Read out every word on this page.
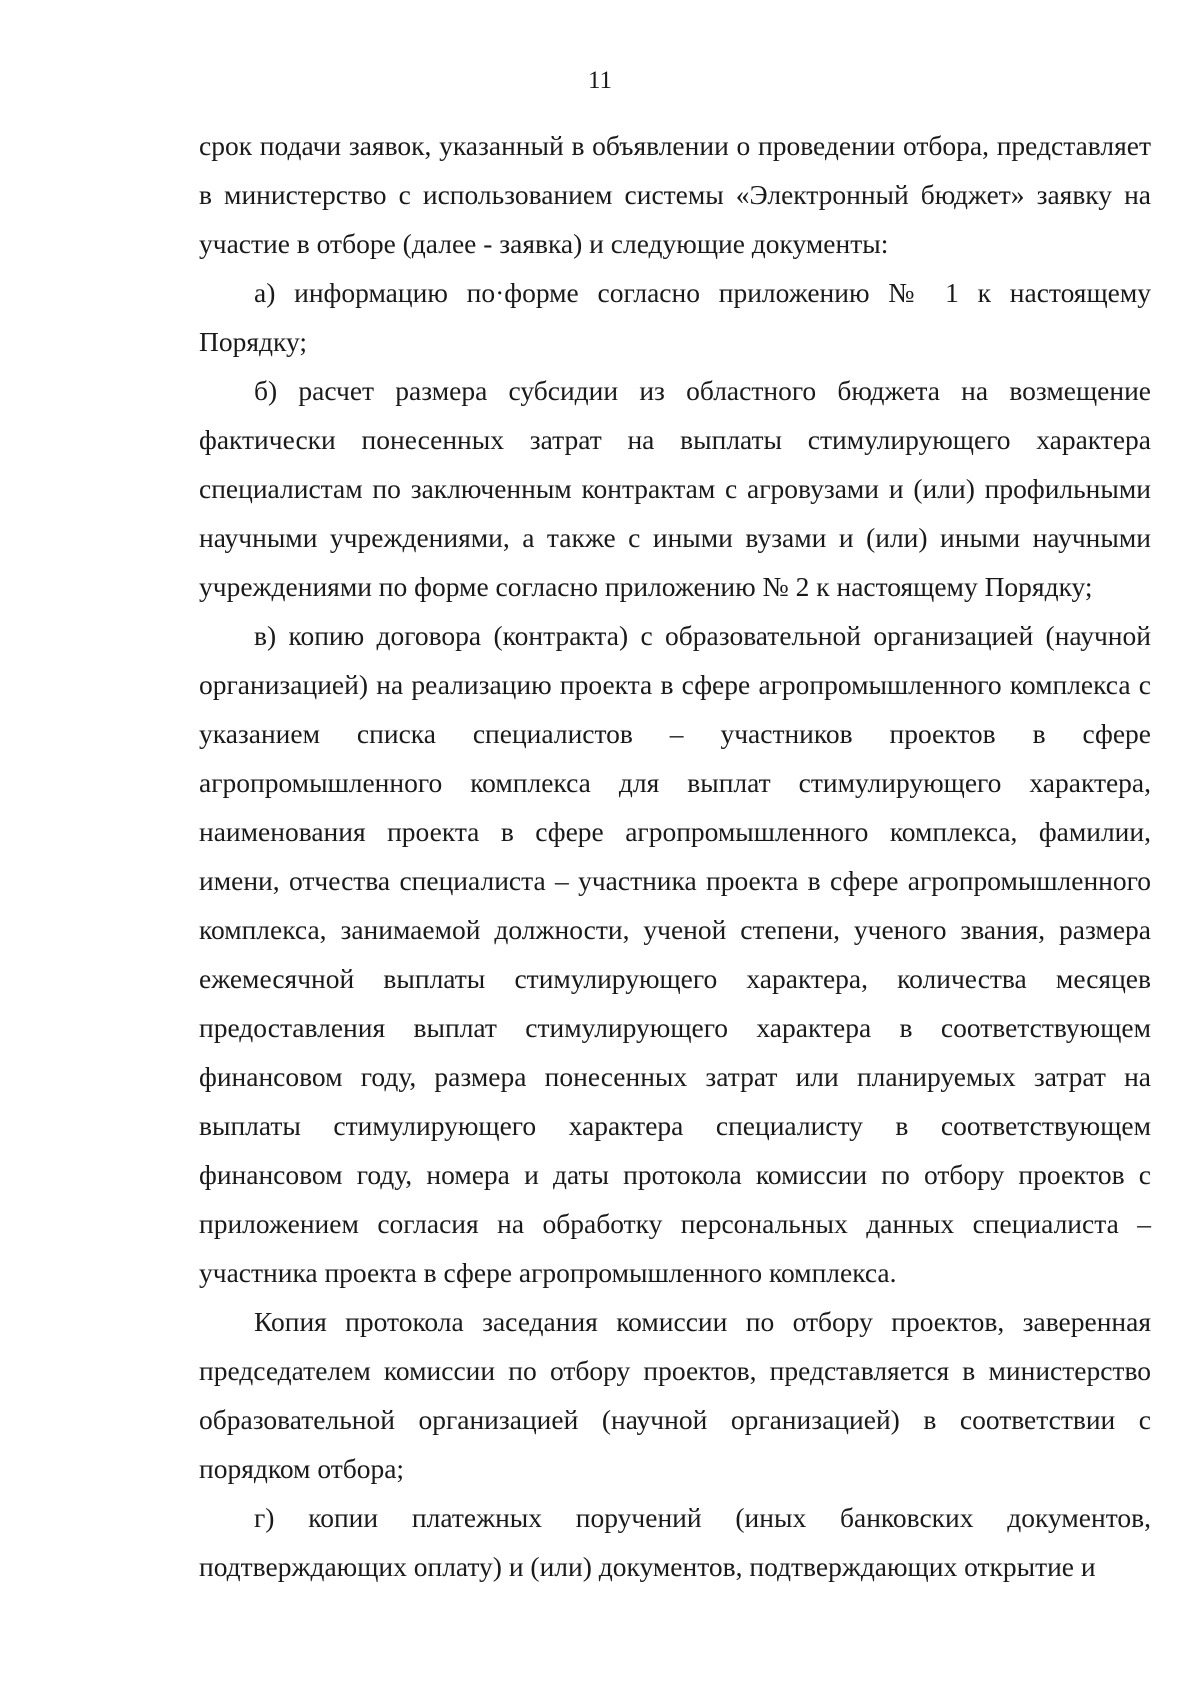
11

срок подачи заявок, указанный в объявлении о проведении отбора, представляет в министерство с использованием системы «Электронный бюджет» заявку на участие в отборе (далее - заявка) и следующие документы:

а) информацию по·форме согласно приложению № 1 к настоящему Порядку;

б) расчет размера субсидии из областного бюджета на возмещение фактически понесенных затрат на выплаты стимулирующего характера специалистам по заключенным контрактам с агровузами и (или) профильными научными учреждениями, а также с иными вузами и (или) иными научными учреждениями по форме согласно приложению № 2 к настоящему Порядку;

в) копию договора (контракта) с образовательной организацией (научной организацией) на реализацию проекта в сфере агропромышленного комплекса с указанием списка специалистов – участников проектов в сфере агропромышленного комплекса для выплат стимулирующего характера, наименования проекта в сфере агропромышленного комплекса, фамилии, имени, отчества специалиста – участника проекта в сфере агропромышленного комплекса, занимаемой должности, ученой степени, ученого звания, размера ежемесячной выплаты стимулирующего характера, количества месяцев предоставления выплат стимулирующего характера в соответствующем финансовом году, размера понесенных затрат или планируемых затрат на выплаты стимулирующего характера специалисту в соответствующем финансовом году, номера и даты протокола комиссии по отбору проектов с приложением согласия на обработку персональных данных специалиста – участника проекта в сфере агропромышленного комплекса.

Копия протокола заседания комиссии по отбору проектов, заверенная председателем комиссии по отбору проектов, представляется в министерство образовательной организацией (научной организацией) в соответствии с порядком отбора;

г) копии платежных поручений (иных банковских документов, подтверждающих оплату) и (или) документов, подтверждающих открытие и
